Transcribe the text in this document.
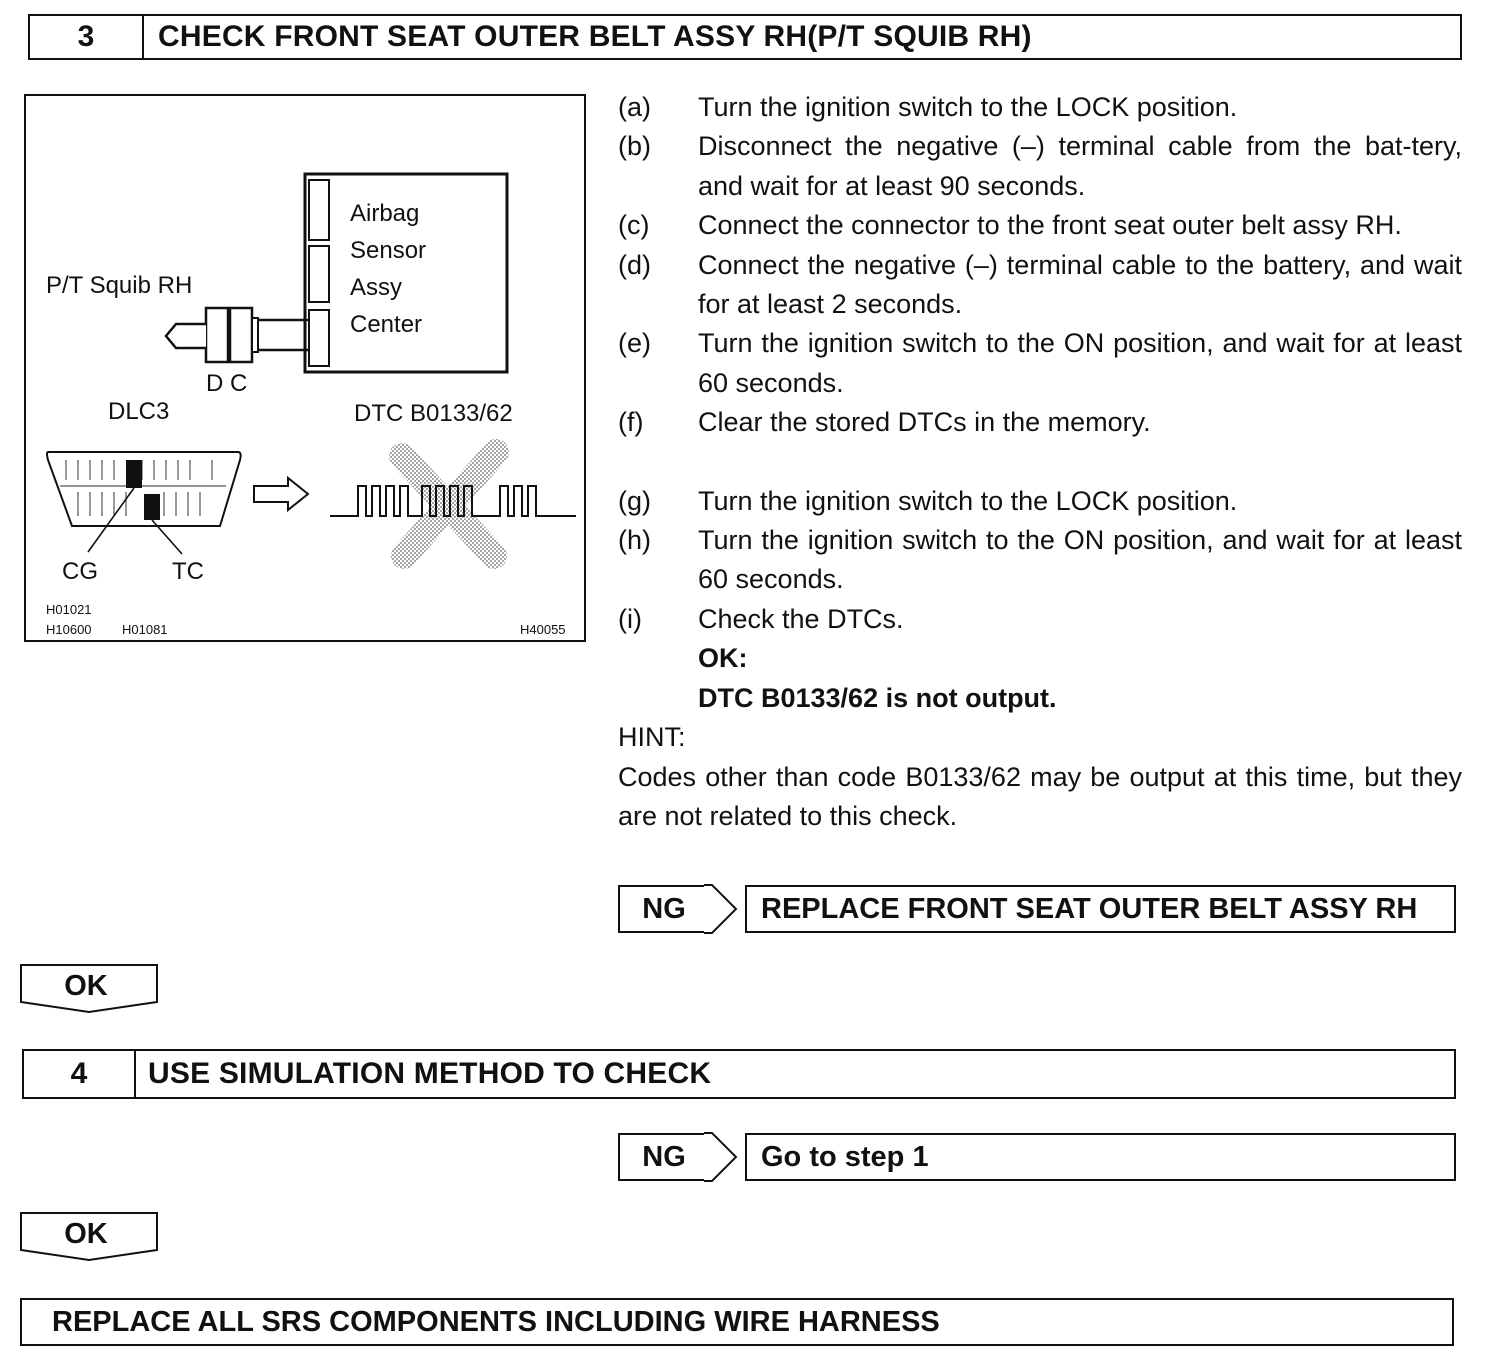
3	CHECK FRONT SEAT OUTER BELT ASSY RH(P/T SQUIB RH)
Airbag
Sensor
Assy
Center
P/T Squib RH
D C
DLC3	DTC B0133/62
CG	TC
H01021
H10600 H01081	H40055
(a)	Turn the ignition switch to the LOCK position.
(b)	Disconnect the negative (–) terminal cable from the bat-tery, and wait for at least 90 seconds.
(c)	Connect the connector to the front seat outer belt assy RH.
(d)	Connect the negative (–) terminal cable to the battery, and wait for at least 2 seconds.
(e)	Turn the ignition switch to the ON position, and wait for at least 60 seconds.
(f)	Clear the stored DTCs in the memory.
(g)	Turn the ignition switch to the LOCK position.
(h)	Turn the ignition switch to the ON position, and wait for at least 60 seconds.
(i)	Check the DTCs.
OK:
DTC B0133/62 is not output.
HINT:
Codes other than code B0133/62 may be output at this time, but they are not related to this check.
NG	REPLACE FRONT SEAT OUTER BELT ASSY RH
OK
4	USE SIMULATION METHOD TO CHECK
NG	Go to step 1
OK
REPLACE ALL SRS COMPONENTS INCLUDING WIRE HARNESS
